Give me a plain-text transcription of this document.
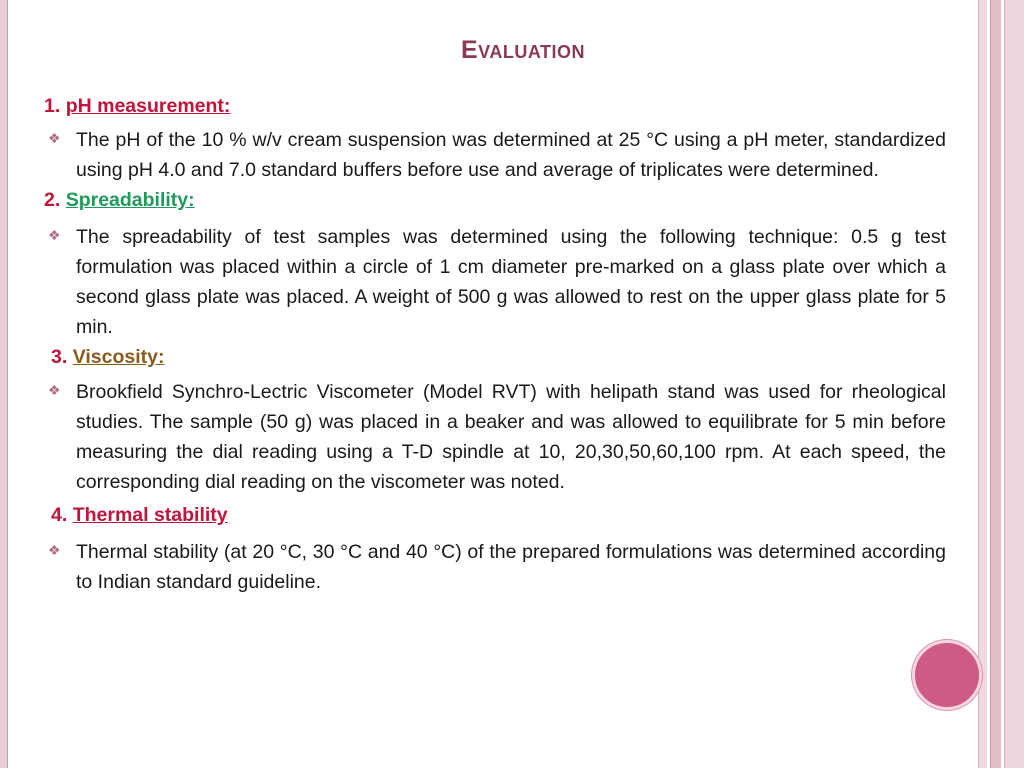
Evaluation

1. pH measurement:

❖ The pH of the 10 % w/v cream suspension was determined at 25 °C using a pH meter, standardized using pH 4.0 and 7.0 standard buffers before use and average of triplicates were determined.

2. Spreadability:

❖ The spreadability of test samples was determined using the following technique: 0.5 g test formulation was placed within a circle of 1 cm diameter pre-marked on a glass plate over which a second glass plate was placed. A weight of 500 g was allowed to rest on the upper glass plate for 5 min.

3. Viscosity:

❖ Brookfield Synchro-Lectric Viscometer (Model RVT) with helipath stand was used for rheological studies. The sample (50 g) was placed in a beaker and was allowed to equilibrate for 5 min before measuring the dial reading using a T-D spindle at 10, 20,30,50,60,100 rpm. At each speed, the corresponding dial reading on the viscometer was noted.

4. Thermal stability

❖ Thermal stability (at 20 °C, 30 °C and 40 °C) of the prepared formulations was determined according to Indian standard guideline.
